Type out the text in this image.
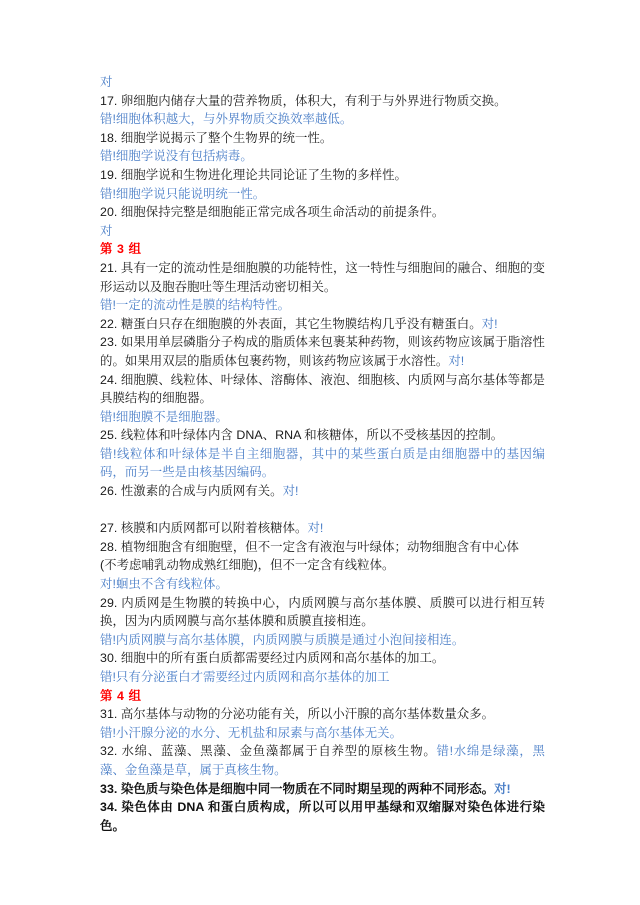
对
17. 卵细胞内储存大量的营养物质，体积大，有利于与外界进行物质交换。
错!细胞体积越大，与外界物质交换效率越低。
18. 细胞学说揭示了整个生物界的统一性。
错!细胞学说没有包括病毒。
19. 细胞学说和生物进化理论共同论证了生物的多样性。
错!细胞学说只能说明统一性。
20. 细胞保持完整是细胞能正常完成各项生命活动的前提条件。
对
第 3 组
21. 具有一定的流动性是细胞膜的功能特性，这一特性与细胞间的融合、细胞的变形运动以及胞吞胞吐等生理活动密切相关。
错!一定的流动性是膜的结构特性。
22. 糖蛋白只存在细胞膜的外表面，其它生物膜结构几乎没有糖蛋白。对!
23. 如果用单层磷脂分子构成的脂质体来包裹某种药物，则该药物应该属于脂溶性的。如果用双层的脂质体包裹药物，则该药物应该属于水溶性。对!
24. 细胞膜、线粒体、叶绿体、溶酶体、液泡、细胞核、内质网与高尔基体等都是具膜结构的细胞器。
错!细胞膜不是细胞器。
25. 线粒体和叶绿体内含 DNA、RNA 和核糖体，所以不受核基因的控制。
错!线粒体和叶绿体是半自主细胞器，其中的某些蛋白质是由细胞器中的基因编码，而另一些是由核基因编码。
26. 性激素的合成与内质网有关。对!

27. 核膜和内质网都可以附着核糖体。对!
28. 植物细胞含有细胞壁，但不一定含有液泡与叶绿体；动物细胞含有中心体
(不考虑哺乳动物成熟红细胞)，但不一定含有线粒体。
对!蛔虫不含有线粒体。
29. 内质网是生物膜的转换中心，内质网膜与高尔基体膜、质膜可以进行相互转换，因为内质网膜与高尔基体膜和质膜直接相连。
错!内质网膜与高尔基体膜，内质网膜与质膜是通过小泡间接相连。
30. 细胞中的所有蛋白质都需要经过内质网和高尔基体的加工。
错!只有分泌蛋白才需要经过内质网和高尔基体的加工
第 4 组
31. 高尔基体与动物的分泌功能有关，所以小汗腺的高尔基体数量众多。
错!小汗腺分泌的水分、无机盐和尿素与高尔基体无关。
32. 水绵、蓝藻、黑藻、金鱼藻都属于自养型的原核生物。错!水绵是绿藻，黑藻、金鱼藻是草，属于真核生物。
33. 染色质与染色体是细胞中同一物质在不同时期呈现的两种不同形态。对!
34. 染色体由 DNA 和蛋白质构成，所以可以用甲基绿和双缩脲对染色体进行染色。
